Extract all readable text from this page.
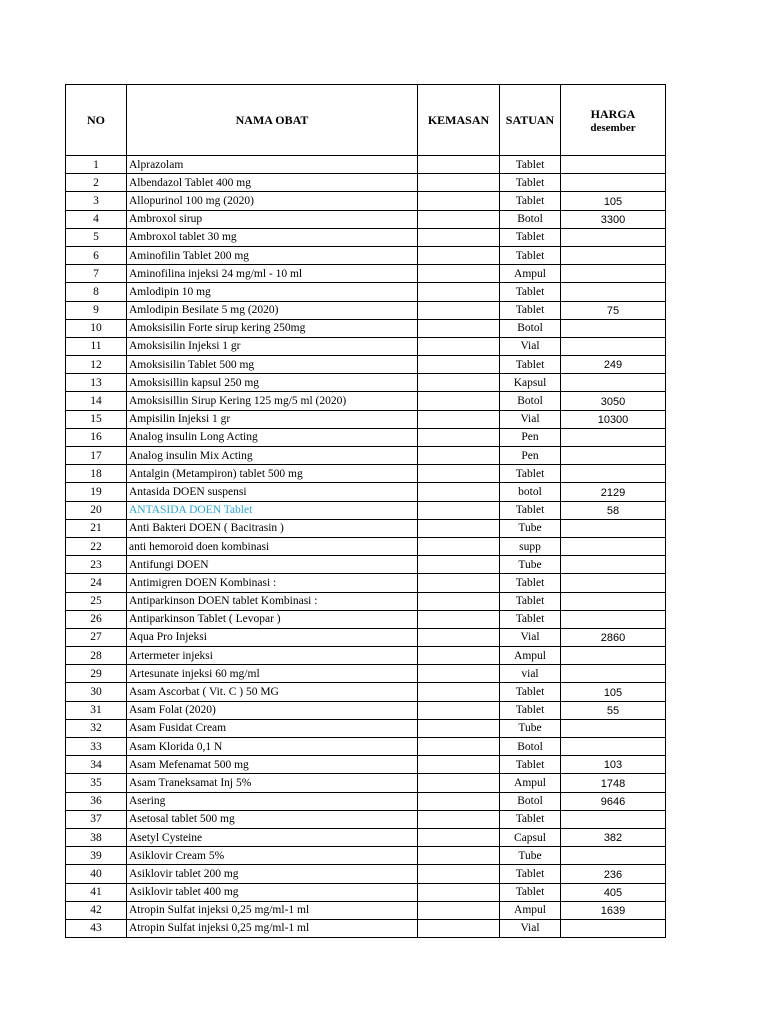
NO	NAMA OBAT	KEMASAN	SATUAN	HARGA
desember

1	Alprazolam		Tablet	
2	Albendazol Tablet 400 mg		Tablet	
3	Allopurinol 100 mg (2020)		Tablet	105
4	Ambroxol sirup		Botol	3300
5	Ambroxol tablet 30 mg		Tablet	
6	Aminofilin Tablet 200 mg		Tablet	
7	Aminofilina injeksi 24 mg/ml - 10 ml		Ampul	
8	Amlodipin 10 mg		Tablet	
9	Amlodipin Besilate 5 mg (2020)		Tablet	75
10	Amoksisilin Forte sirup kering 250mg		Botol	
11	Amoksisilin Injeksi 1 gr		Vial	
12	Amoksisilin Tablet 500 mg		Tablet	249
13	Amoksisillin kapsul 250 mg		Kapsul	
14	Amoksisillin Sirup Kering 125 mg/5 ml (2020)		Botol	3050
15	Ampisilin Injeksi 1 gr		Vial	10300
16	Analog insulin Long Acting		Pen	
17	Analog insulin Mix Acting		Pen	
18	Antalgin (Metampiron) tablet 500 mg		Tablet	
19	Antasida DOEN suspensi		botol	2129
20	ANTASIDA DOEN Tablet		Tablet	58
21	Anti Bakteri DOEN ( Bacitrasin )		Tube	
22	anti hemoroid doen kombinasi		supp	
23	Antifungi DOEN		Tube	
24	Antimigren DOEN Kombinasi :		Tablet	
25	Antiparkinson DOEN tablet Kombinasi :		Tablet	
26	Antiparkinson Tablet ( Levopar )		Tablet	
27	Aqua Pro Injeksi		Vial	2860
28	Artermeter injeksi		Ampul	
29	Artesunate injeksi 60 mg/ml		vial	
30	Asam Ascorbat ( Vit. C ) 50 MG		Tablet	105
31	Asam Folat (2020)		Tablet	55
32	Asam Fusidat Cream		Tube	
33	Asam Klorida 0,1 N		Botol	
34	Asam Mefenamat 500 mg		Tablet	103
35	Asam Traneksamat Inj 5%		Ampul	1748
36	Asering		Botol	9646
37	Asetosal tablet 500 mg		Tablet	
38	Asetyl Cysteine		Capsul	382
39	Asiklovir Cream 5%		Tube	
40	Asiklovir tablet 200 mg		Tablet	236
41	Asiklovir tablet 400 mg		Tablet	405
42	Atropin Sulfat injeksi 0,25 mg/ml-1 ml		Ampul	1639
43	Atropin Sulfat injeksi 0,25 mg/ml-1 ml		Vial	
